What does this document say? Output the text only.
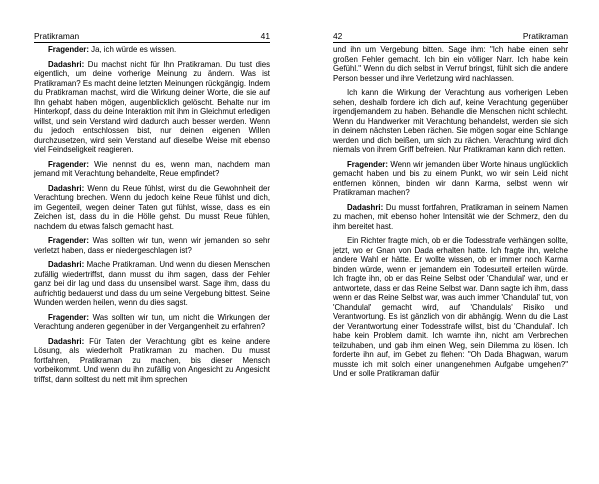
Pratikraman	41

Fragender: Ja, ich würde es wissen.

Dadashri: Du machst nicht für Ihn Pratikraman. Du tust dies eigentlich, um deine vorherige Meinung zu ändern. Was ist Pratikraman? Es macht deine letzten Meinungen rückgängig. Indem du Pratikraman machst, wird die Wirkung deiner Worte, die sie auf Ihn gehabt haben mögen, augenblicklich gelöscht. Behalte nur im Hinterkopf, dass du deine Interaktion mit ihm in Gleichmut erledigen willst, und sein Verstand wird dadurch auch besser werden. Wenn du jedoch entschlossen bist, nur deinen eigenen Willen durchzusetzen, wird sein Verstand auf dieselbe Weise mit ebenso viel Feindseligkeit reagieren.

Fragender: Wie nennst du es, wenn man, nachdem man jemand mit Verachtung behandelte, Reue empfindet?

Dadashri: Wenn du Reue fühlst, wirst du die Gewohnheit der Verachtung brechen. Wenn du jedoch keine Reue fühlst und dich, im Gegenteil, wegen deiner Taten gut fühlst, wisse, dass es ein Zeichen ist, dass du in die Hölle gehst. Du musst Reue fühlen, nachdem du etwas falsch gemacht hast.

Fragender: Was sollten wir tun, wenn wir jemanden so sehr verletzt haben, dass er niedergeschlagen ist?

Dadashri: Mache Pratikraman. Und wenn du diesen Menschen zufällig wiedertriffst, dann musst du ihm sagen, dass der Fehler ganz bei dir lag und dass du unsensibel warst. Sage ihm, dass du aufrichtig bedauerst und dass du um seine Vergebung bittest. Seine Wunden werden heilen, wenn du dies sagst.

Fragender: Was sollten wir tun, um nicht die Wirkungen der Verachtung anderen gegenüber in der Vergangenheit zu erfahren?

Dadashri: Für Taten der Verachtung gibt es keine andere Lösung, als wiederholt Pratikraman zu machen. Du musst fortfahren, Pratikraman zu machen, bis dieser Mensch vorbeikommt. Und wenn du ihn zufällig von Angesicht zu Angesicht triffst, dann solltest du nett mit ihm sprechen

42	Pratikraman

und ihn um Vergebung bitten. Sage ihm: "Ich habe einen sehr großen Fehler gemacht. Ich bin ein völliger Narr. Ich habe kein Gefühl." Wenn du dich selbst in Verruf bringst, fühlt sich die andere Person besser und ihre Verletzung wird nachlassen.

Ich kann die Wirkung der Verachtung aus vorherigen Leben sehen, deshalb fordere ich dich auf, keine Verachtung gegenüber irgendjemandem zu haben. Behandle die Menschen nicht schlecht. Wenn du Handwerker mit Verachtung behandelst, werden sie sich in deinem nächsten Leben rächen. Sie mögen sogar eine Schlange werden und dich beißen, um sich zu rächen. Verachtung wird dich niemals von ihrem Griff befreien. Nur Pratikraman kann dich retten.

Fragender: Wenn wir jemanden über Worte hinaus unglücklich gemacht haben und bis zu einem Punkt, wo wir sein Leid nicht entfernen können, binden wir dann Karma, selbst wenn wir Pratikraman machen?

Dadashri: Du musst fortfahren, Pratikraman in seinem Namen zu machen, mit ebenso hoher Intensität wie der Schmerz, den du ihm bereitet hast.

Ein Richter fragte mich, ob er die Todesstrafe verhängen sollte, jetzt, wo er Gnan von Dada erhalten hatte. Ich fragte ihn, welche andere Wahl er hätte. Er wollte wissen, ob er immer noch Karma binden würde, wenn er jemandem ein Todesurteil erteilen würde. Ich fragte ihn, ob er das Reine Selbst oder 'Chandulal' war, und er antwortete, dass er das Reine Selbst war. Dann sagte ich ihm, dass wenn er das Reine Selbst war, was auch immer 'Chandulal' tut, von 'Chandulal' gemacht wird, auf 'Chandulals' Risiko und Verantwortung. Es ist gänzlich von dir abhängig. Wenn du die Last der Verantwortung einer Todesstrafe willst, bist du 'Chandulal'. Ich habe kein Problem damit. Ich warnte ihn, nicht am Verbrechen teilzuhaben, und gab ihm einen Weg, sein Dilemma zu lösen. Ich forderte ihn auf, im Gebet zu flehen: "Oh Dada Bhagwan, warum musste ich mit solch einer unangenehmen Aufgabe umgehen?" Und er solle Pratikraman dafür
